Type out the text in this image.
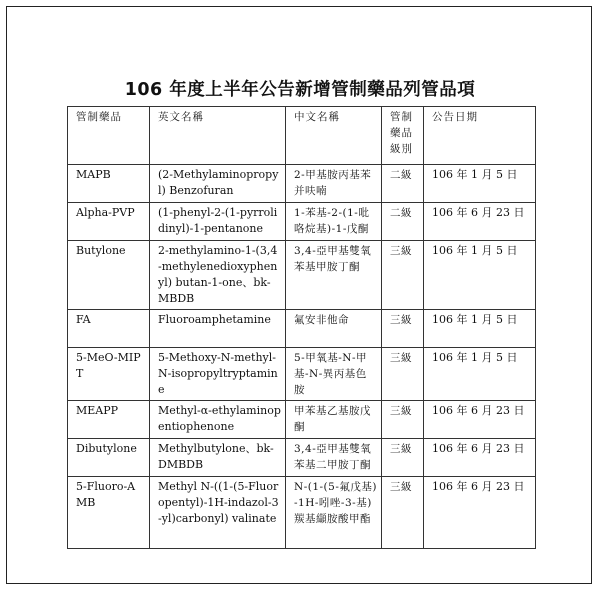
106 年度上半年公告新增管制藥品列管品項
管制藥品	英文名稱	中文名稱	管制藥品級別	公告日期
MAPB	(2-Methylaminopropyl) Benzofuran	2-甲基胺丙基苯并呋喃	二級	106 年 1 月 5 日
Alpha-PVP	(1-phenyl-2-(1-pyrrolidinyl)-1-pentanone	1-苯基-2-(1-吡咯烷基)-1-戊酮	二級	106 年 6 月 23 日
Butylone	2-methylamino-1-(3,4-methylenedioxyphenyl) butan-1-one、bk-MBDB	3,4-亞甲基雙氧苯基甲胺丁酮	三級	106 年 1 月 5 日
FA	Fluoroamphetamine	氟安非他命	三級	106 年 1 月 5 日
5-MeO-MIPT	5-Methoxy-N-methyl-N-isopropyltryptamine	5-甲氧基-N-甲基-N-異丙基色胺	三級	106 年 1 月 5 日
MEAPP	Methyl-α-ethylaminopentiophenone	甲苯基乙基胺戊酮	三級	106 年 6 月 23 日
Dibutylone	Methylbutylone、bk-DMBDB	3,4-亞甲基雙氧苯基二甲胺丁酮	三級	106 年 6 月 23 日
5-Fluoro-AMB	Methyl N-((1-(5-Fluoropentyl)-1H-indazol-3-yl)carbonyl) valinate	N-(1-(5-氟戊基)-1H-吲唑-3-基)羰基纈胺酸甲酯	三級	106 年 6 月 23 日
